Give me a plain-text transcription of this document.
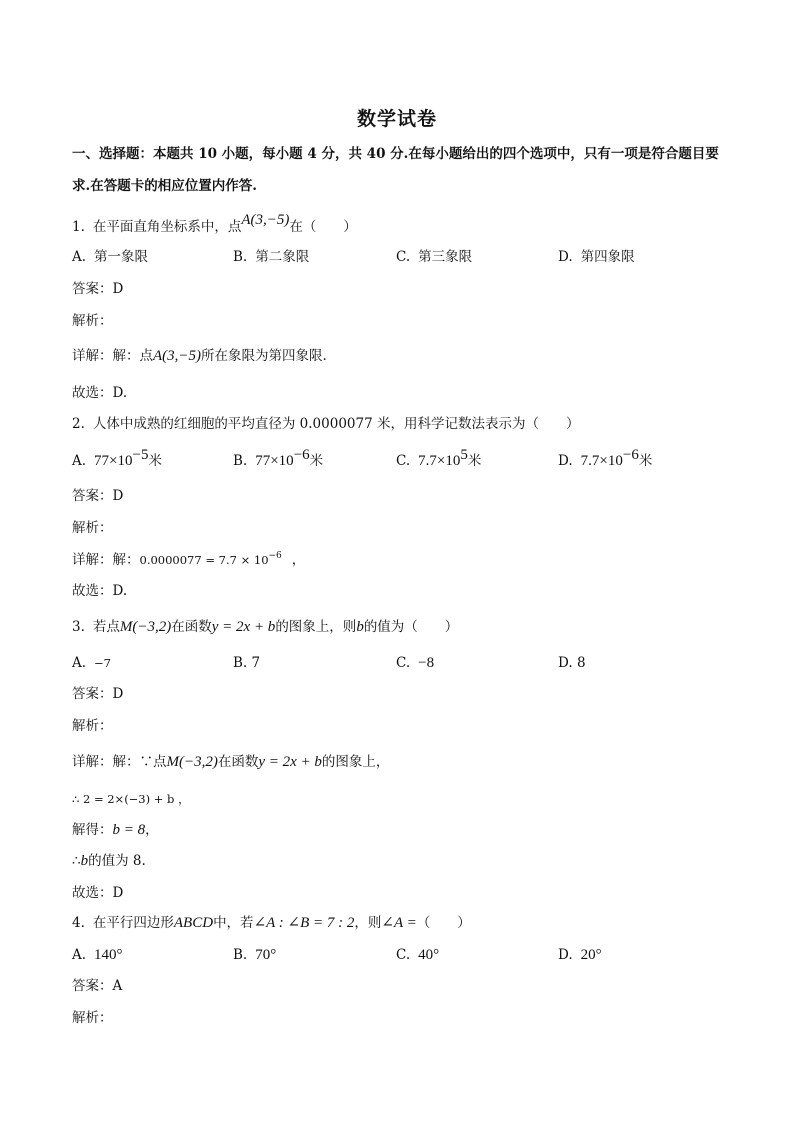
数学试卷
一、选择题：本题共 10 小题，每小题 4 分，共 40 分.在每小题给出的四个选项中，只有一项是符合题目要
求.在答题卡的相应位置内作答.
1. 在平面直角坐标系中，点A(3,−5)在（　　）
A. 第一象限	B. 第二象限	C. 第三象限	D. 第四象限
答案：D
解析：
详解：解：点A(3,−5)所在象限为第四象限.
故选：D.
2. 人体中成熟的红细胞的平均直径为 0.0000077 米，用科学记数法表示为（　　）
A. $77\times 10^{-5}$米	B. $77\times 10^{-6}$米	C. $7.7\times 10^5$米	D. $7.7\times 10^{-6}$米
答案：D
解析：
详解：解：$0.0000077 = 7.7 \times 10^{-6}$ ，
故选：D.
3. 若点M(−3,2)在函数y = 2x + b的图象上，则b的值为（　　）
A. −7	B. 7	C. −8	D. 8
答案：D
解析：
详解：解：∵点M(−3,2)在函数y = 2x + b的图象上，
∴ 2 = 2×(−3) + b ，
解得：b = 8，
∴b的值为 8.
故选：D
4. 在平行四边形ABCD中，若∠A : ∠B = 7 : 2，则∠A =（　　）
A. 140°	B. 70°	C. 40°	D. 20°
答案：A
解析：
